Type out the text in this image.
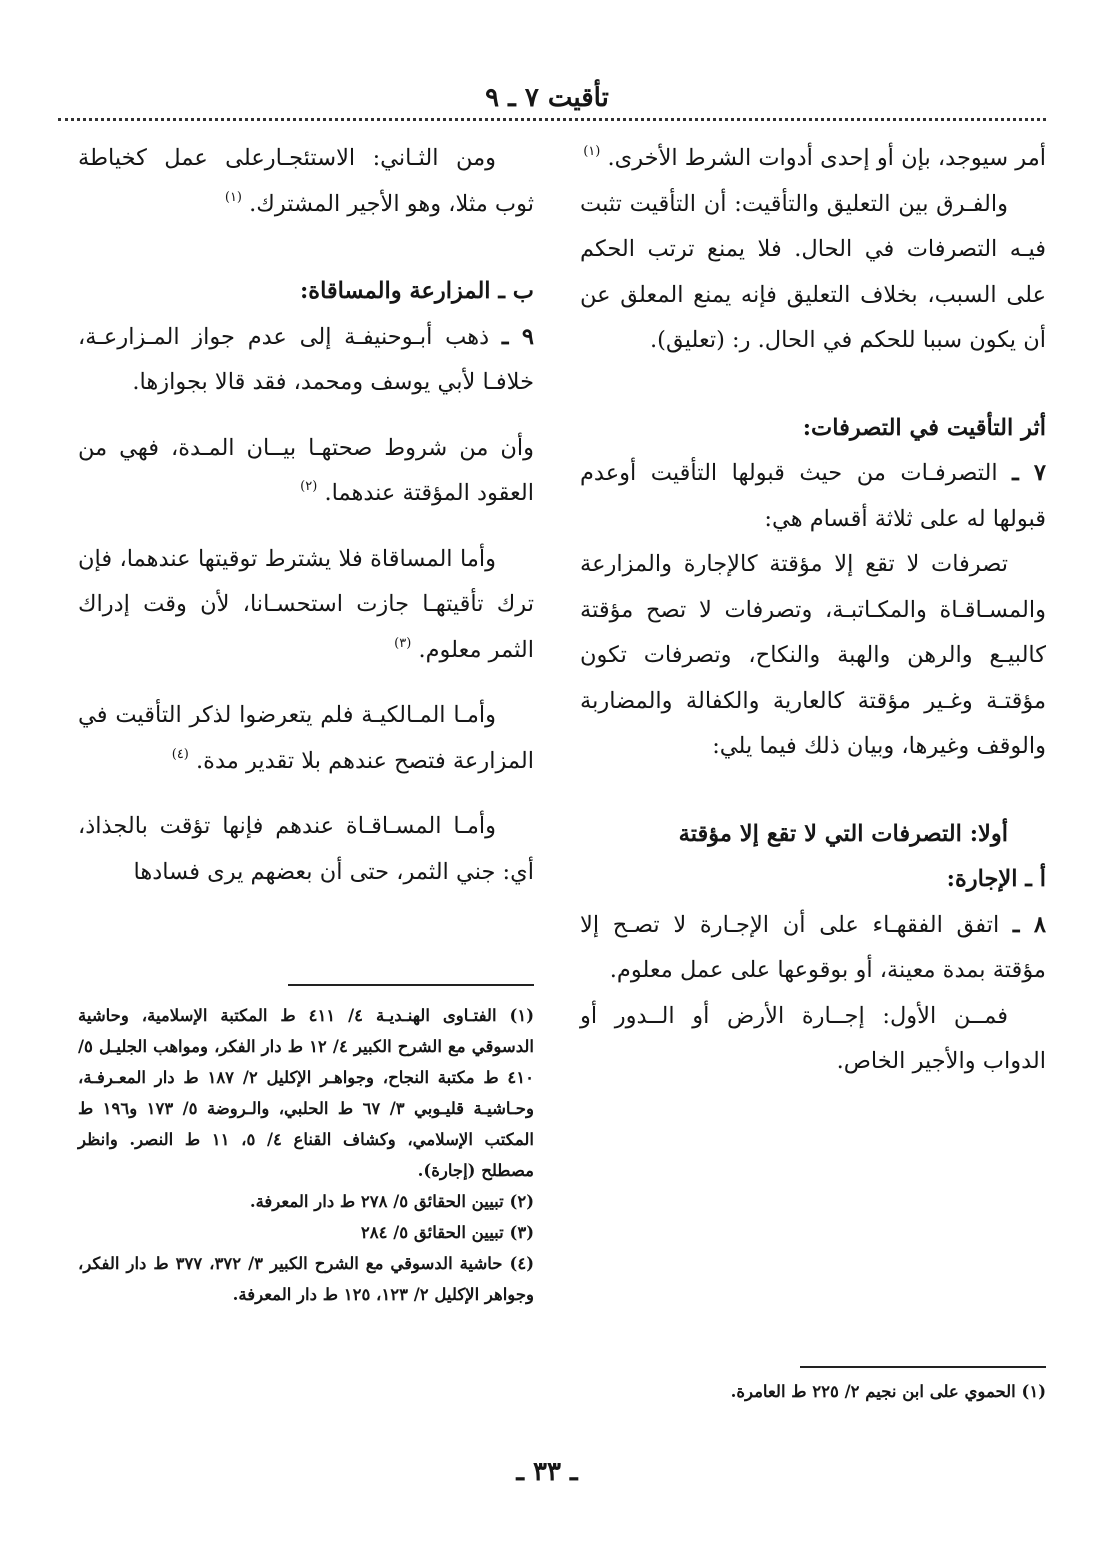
تأقيت ٧ ـ ٩

أمر سيوجد، بإن أو إحدى أدوات الشرط الأخرى. $^{(١)}$

والفـرق بين التعليق والتأقيت: أن التأقيت تثبت فيـه التصرفات في الحال. فلا يمنع ترتب الحكم على السبب، بخلاف التعليق فإنه يمنع المعلق عن أن يكون سببا للحكم في الحال. ر: (تعليق).

أثر التأقيت في التصرفات:

٧ ـ التصرفـات من حيث قبولها التأقيت أوعدم قبولها له على ثلاثة أقسام هي:

تصرفات لا تقع إلا مؤقتة كالإجارة والمزارعة والمسـاقـاة والمكـاتبـة، وتصرفات لا تصح مؤقتة كالبيـع والرهن والهبة والنكاح، وتصرفات تكون مؤقتـة وغـير مؤقتة كالعارية والكفالة والمضاربة والوقف وغيرها، وبيان ذلك فيما يلي:

أولا: التصرفات التي لا تقع إلا مؤقتة

أ ـ الإجارة:

٨ ـ اتفق الفقهـاء على أن الإجـارة لا تصـح إلا مؤقتة بمدة معينة، أو بوقوعها على عمل معلوم.

فمــن الأول: إجــارة الأرض أو الــدور أو الدواب والأجير الخاص.

ومن الثـاني: الاستئجـارعلى عمل كخياطة ثوب مثلا، وهو الأجير المشترك. $^{(١)}$

ب ـ المزارعة والمساقاة:

٩ ـ ذهب أبـوحنيفـة إلى عدم جواز المـزارعـة، خلافـا لأبي يوسف ومحمد، فقد قالا بجوازها.

وأن من شروط صحتهـا بيــان المـدة، فهي من العقود المؤقتة عندهما. $^{(٢)}$

وأما المساقاة فلا يشترط توقيتها عندهما، فإن ترك تأقيتهـا جازت استحسـانا، لأن وقت إدراك الثمر معلوم. $^{(٣)}$

وأمـا المـالكيـة فلم يتعرضوا لذكر التأقيت في المزارعة فتصح عندهم بلا تقدير مدة. $^{(٤)}$

وأمـا المسـاقـاة عندهم فإنها تؤقت بالجذاذ، أي: جني الثمر، حتى أن بعضهم يرى فسادها

(١) الفتـاوى الهنـديـة ٤/ ٤١١ ط المكتبة الإسلامية، وحاشية الدسوقي مع الشرح الكبير ٤/ ١٢ ط دار الفكر، ومواهب الجليـل ٥/ ٤١٠ ط مكتبة النجاح، وجواهـر الإكليل ٢/ ١٨٧ ط دار المعـرفـة، وحـاشيـة قليـوبي ٣/ ٦٧ ط الحلبي، والـروضة ٥/ ١٧٣ و١٩٦ ط المكتب الإسلامي، وكشاف القناع ٤/ ٥، ١١ ط النصر. وانظر مصطلح (إجارة).

(٢) تبيين الحقائق ٥/ ٢٧٨ ط دار المعرفة.

(٣) تبيين الحقائق ٥/ ٢٨٤

(٤) حاشية الدسوقي مع الشرح الكبير ٣/ ٣٧٢، ٣٧٧ ط دار الفكر، وجواهر الإكليل ٢/ ١٢٣، ١٢٥ ط دار المعرفة.

(١) الحموي على ابن نجيم ٢/ ٢٢٥ ط العامرة.

ـ ٣٣ ـ
